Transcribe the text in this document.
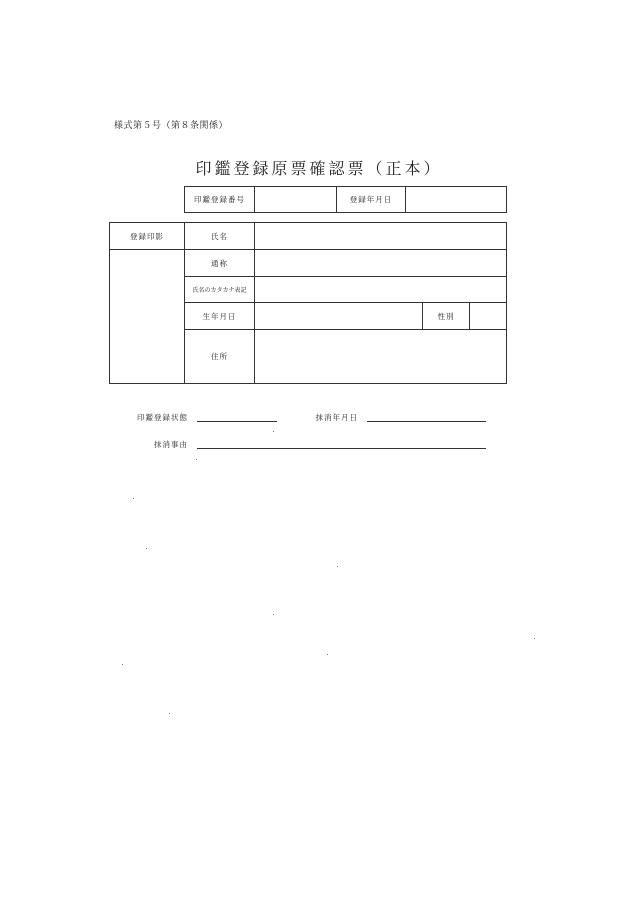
様式第５号（第８条関係）
印鑑登録原票確認票（正本）
印鑑登録番号		登録年月日	
登録印影	氏名			
	通称			
	氏名のカタカナ表記			
	生年月日		性別	
	住所			
印鑑登録状態	抹消年月日
抹消事由
